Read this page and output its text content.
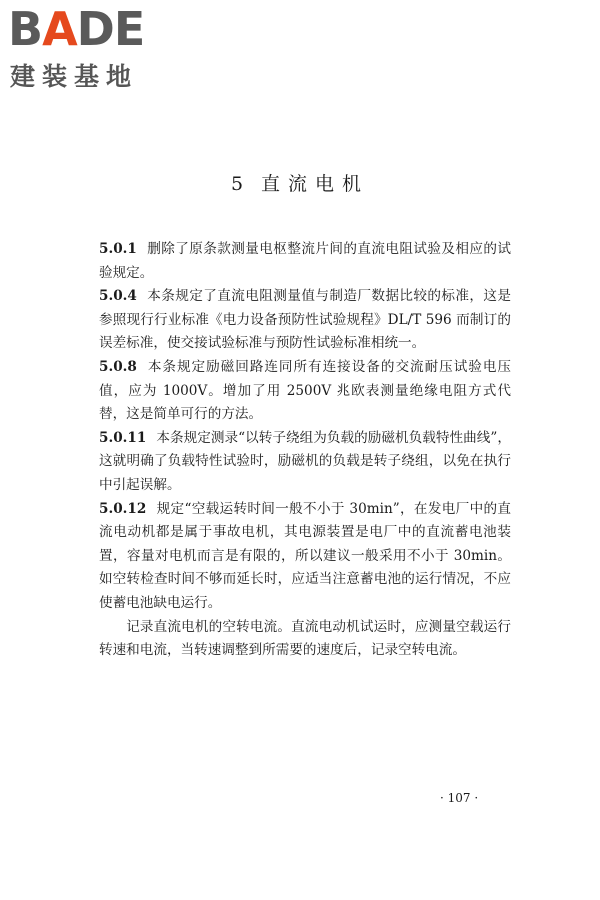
BADE
建装基地
5 直流电机

5.0.1 删除了原条款测量电枢整流片间的直流电阻试验及相应的试验规定。

5.0.4 本条规定了直流电阻测量值与制造厂数据比较的标准，这是参照现行行业标准《电力设备预防性试验规程》DL/T 596 而制订的误差标准，使交接试验标准与预防性试验标准相统一。

5.0.8 本条规定励磁回路连同所有连接设备的交流耐压试验电压值，应为 1000V。增加了用 2500V 兆欧表测量绝缘电阻方式代替，这是简单可行的方法。

5.0.11 本条规定测录“以转子绕组为负载的励磁机负载特性曲线”，这就明确了负载特性试验时，励磁机的负载是转子绕组，以免在执行中引起误解。

5.0.12 规定“空载运转时间一般不小于 30min”，在发电厂中的直流电动机都是属于事故电机，其电源装置是电厂中的直流蓄电池装置，容量对电机而言是有限的，所以建议一般采用不小于 30min。如空转检查时间不够而延长时，应适当注意蓄电池的运行情况，不应使蓄电池缺电运行。

记录直流电机的空转电流。直流电动机试运时，应测量空载运行转速和电流，当转速调整到所需要的速度后，记录空转电流。

· 107 ·
